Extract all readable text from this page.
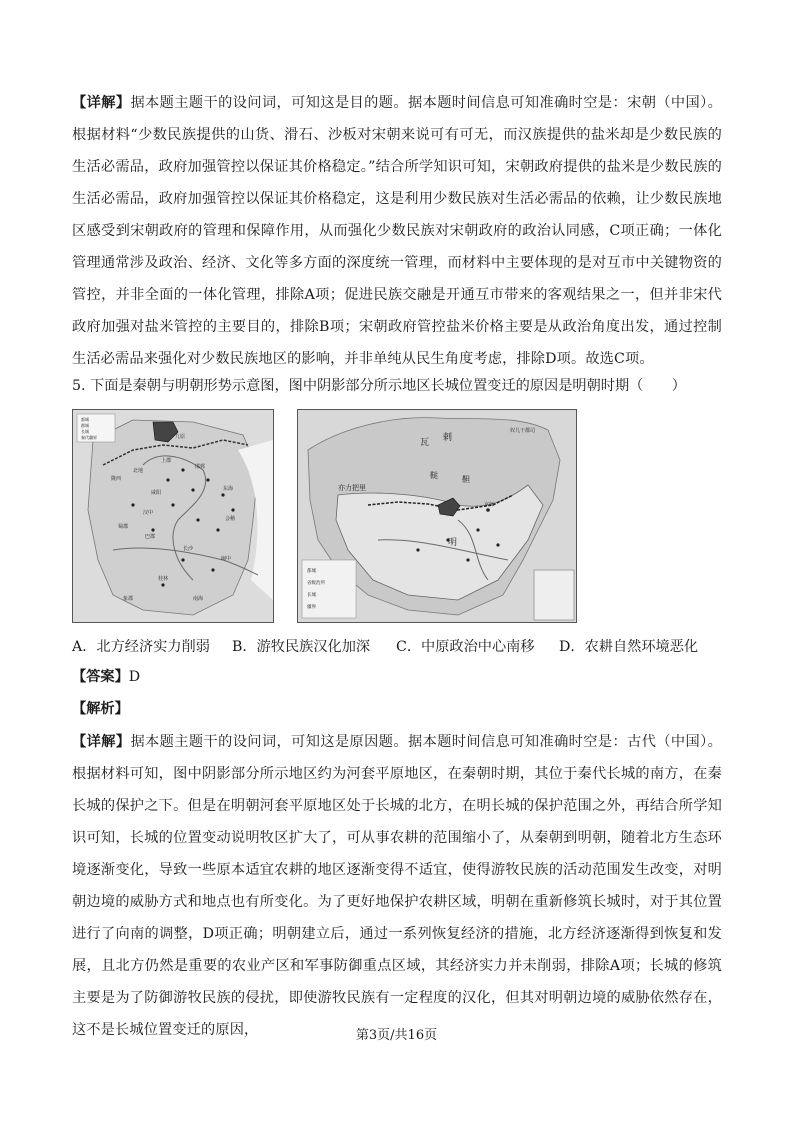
【详解】据本题主题干的设问词，可知这是目的题。据本题时间信息可知准确时空是：宋朝（中国）。根据材料“少数民族提供的山货、滑石、沙板对宋朝来说可有可无，而汉族提供的盐米却是少数民族的生活必需品，政府加强管控以保证其价格稳定。”结合所学知识可知，宋朝政府提供的盐米是少数民族的生活必需品，政府加强管控以保证其价格稳定，这是利用少数民族对生活必需品的依赖，让少数民族地区感受到宋朝政府的管理和保障作用，从而强化少数民族对宋朝政府的政治认同感，C项正确；一体化管理通常涉及政治、经济、文化等多方面的深度统一管理，而材料中主要体现的是对互市中关键物资的管控，并非全面的一体化管理，排除A项；促进民族交融是开通互市带来的客观结果之一，但并非宋代政府加强对盐米管控的主要目的，排除B项；宋朝政府管控盐米价格主要是从政治角度出发，通过控制生活必需品来强化对少数民族地区的影响，并非单纯从民生角度考虑，排除D项。故选C项。

5. 下面是秦朝与明朝形势示意图，图中阴影部分所示地区长城位置变迁的原因是明朝时期（　　）

都城
郡城
长城
秦代疆界	九原
上郡
陇西
北地
咸阳
汉中
巴郡
蜀郡
邯郸
长沙
南海
桂林
象郡
会稽
闽中
东海
瓦 剌
鞑	靼
亦力把里
明
京师
奴儿干都司
都城
省级治所
长城
疆界
A．北方经济实力削弱 B．游牧民族汉化加深 C．中原政治中心南移 D．农耕自然环境恶化
【答案】D
【解析】

【详解】据本题主题干的设问词，可知这是原因题。据本题时间信息可知准确时空是：古代（中国）。根据材料可知，图中阴影部分所示地区约为河套平原地区，在秦朝时期，其位于秦代长城的南方，在秦长城的保护之下。但是在明朝河套平原地区处于长城的北方，在明长城的保护范围之外，再结合所学知识可知，长城的位置变动说明牧区扩大了，可从事农耕的范围缩小了，从秦朝到明朝，随着北方生态环境逐渐变化，导致一些原本适宜农耕的地区逐渐变得不适宜，使得游牧民族的活动范围发生改变，对明朝边境的威胁方式和地点也有所变化。为了更好地保护农耕区域，明朝在重新修筑长城时，对于其位置进行了向南的调整，D项正确；明朝建立后，通过一系列恢复经济的措施，北方经济逐渐得到恢复和发展，且北方仍然是重要的农业产区和军事防御重点区域，其经济实力并未削弱，排除A项；长城的修筑主要是为了防御游牧民族的侵扰，即使游牧民族有一定程度的汉化，但其对明朝边境的威胁依然存在，这不是长城位置变迁的原因，	第3页/共16页
